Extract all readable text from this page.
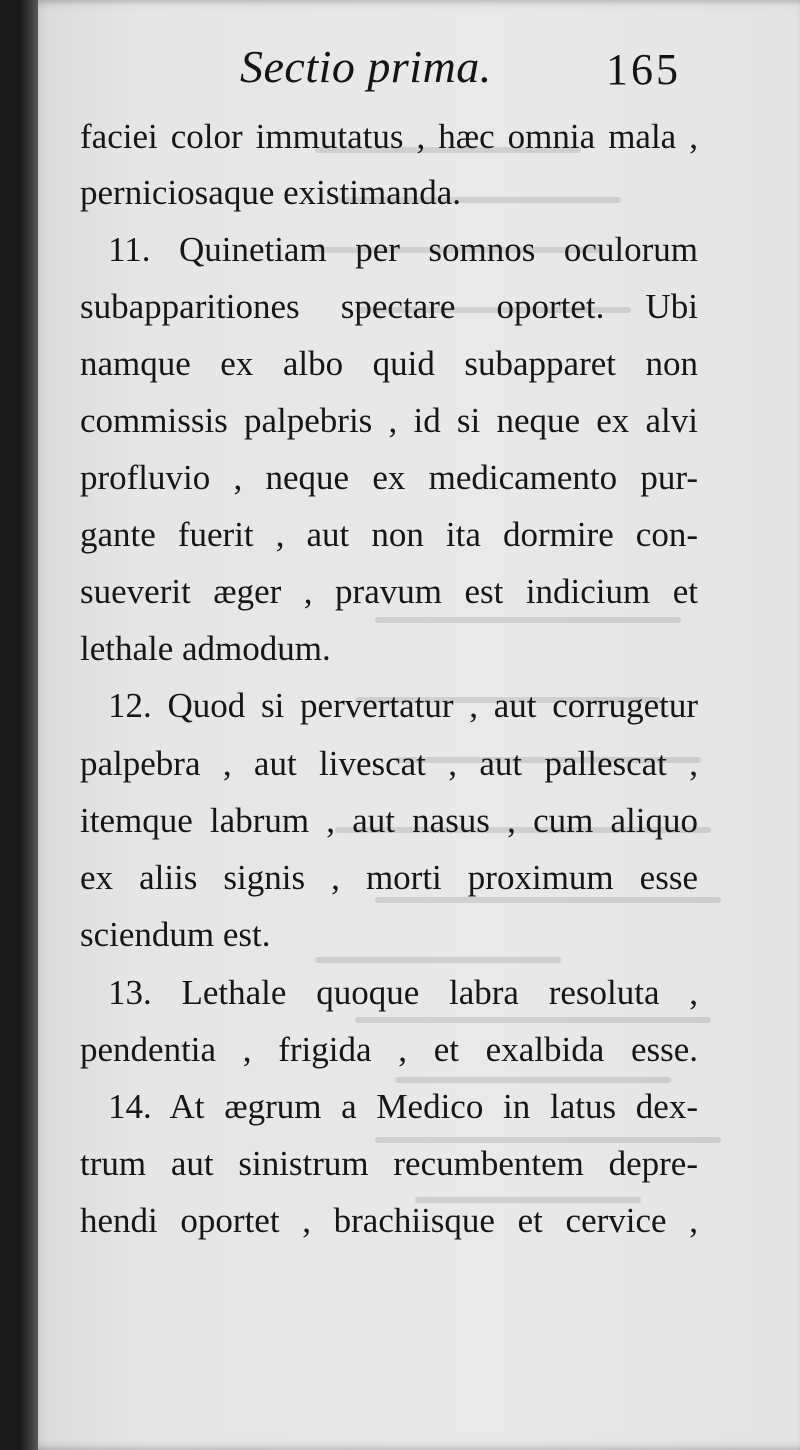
Sectio prima.	165
faciei color immutatus , hæc omnia mala ,
perniciosaque existimanda.
11. Quinetiam per somnos oculorum
subapparitiones spectare oportet. Ubi
namque ex albo quid subapparet non
commissis palpebris , id si neque ex alvi
profluvio , neque ex medicamento pur-
gante fuerit , aut non ita dormire con-
sueverit æger , pravum est indicium et
lethale admodum.
12. Quod si pervertatur , aut corrugetur
palpebra , aut livescat , aut pallescat ,
itemque labrum , aut nasus , cum aliquo
ex aliis signis , morti proximum esse
sciendum est.
13. Lethale quoque labra resoluta ,
pendentia , frigida , et exalbida esse.
14. At ægrum a Medico in latus dex-
trum aut sinistrum recumbentem depre-
hendi oportet , brachiisque et cervice ,
